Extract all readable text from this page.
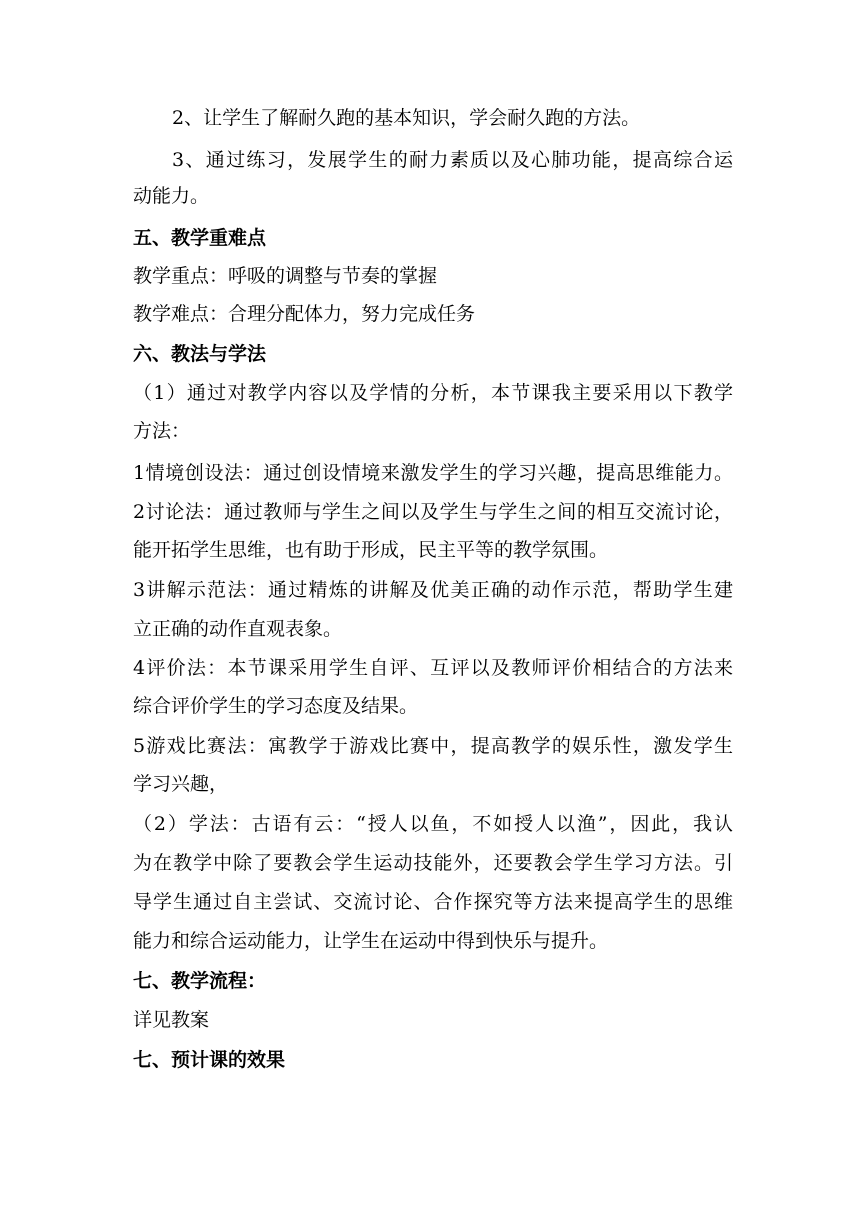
2、让学生了解耐久跑的基本知识，学会耐久跑的方法。
3、通过练习，发展学生的耐力素质以及心肺功能，提高综合运
动能力。
五、教学重难点
教学重点：呼吸的调整与节奏的掌握
教学难点：合理分配体力，努力完成任务
六、教法与学法
（1）通过对教学内容以及学情的分析，本节课我主要采用以下教学
方法：
1情境创设法：通过创设情境来激发学生的学习兴趣，提高思维能力。
2讨论法：通过教师与学生之间以及学生与学生之间的相互交流讨论，
能开拓学生思维，也有助于形成，民主平等的教学氛围。
3讲解示范法：通过精炼的讲解及优美正确的动作示范，帮助学生建
立正确的动作直观表象。
4评价法：本节课采用学生自评、互评以及教师评价相结合的方法来
综合评价学生的学习态度及结果。
5游戏比赛法：寓教学于游戏比赛中，提高教学的娱乐性，激发学生
学习兴趣，
（2）学法：古语有云：“授人以鱼，不如授人以渔”，因此，我认
为在教学中除了要教会学生运动技能外，还要教会学生学习方法。引
导学生通过自主尝试、交流讨论、合作探究等方法来提高学生的思维
能力和综合运动能力，让学生在运动中得到快乐与提升。
七、教学流程：
详见教案
七、预计课的效果
